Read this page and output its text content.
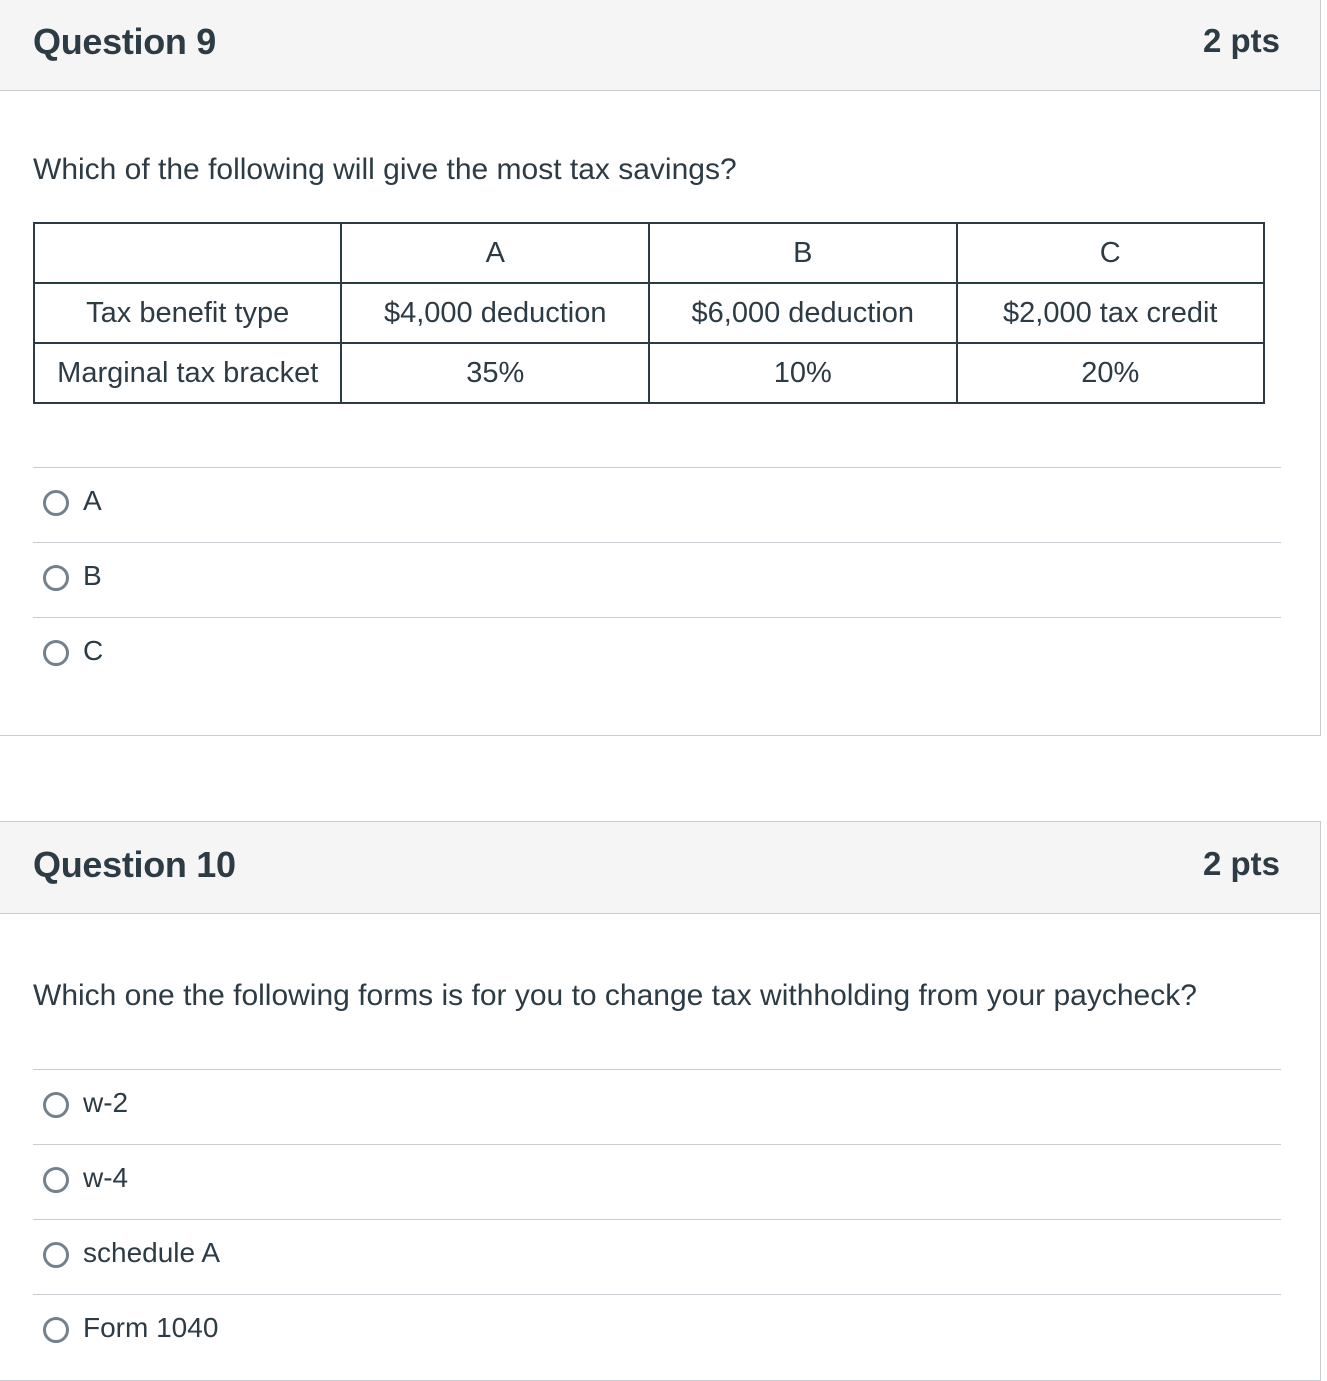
Question 9	2 pts
Which of the following will give the most tax savings?
	A	B	C
Tax benefit type	$4,000 deduction	$6,000 deduction	$2,000 tax credit
Marginal tax bracket	35%	10%	20%
A
B
C
Question 10	2 pts
Which one the following forms is for you to change tax withholding from your paycheck?
w-2
w-4
schedule A
Form 1040
